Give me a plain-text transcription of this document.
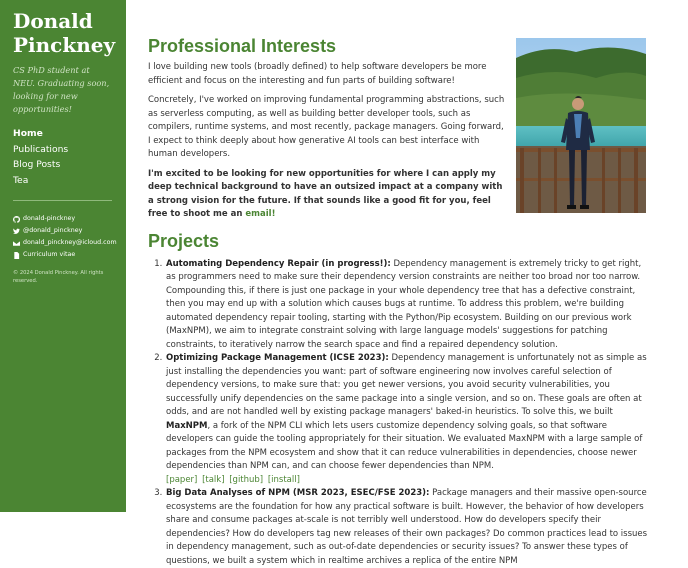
Donald
Pinckney
CS PhD student at NEU. Graduating soon, looking for new opportunities!
Home
Publications
Blog Posts
Tea
donald-pinckney
@donald_pinckney
donald_pinckney@icloud.com
Curriculum vitae
© 2024 Donald Pinckney. All rights reserved.
Professional Interests

I love building new tools (broadly defined) to help software developers be more efficient and focus on the interesting and fun parts of building software!

Concretely, I've worked on improving fundamental programming abstractions, such as serverless computing, as well as building better developer tools, such as compilers, runtime systems, and most recently, package managers. Going forward, I expect to think deeply about how generative AI tools can best interface with human developers.

I'm excited to be looking for new opportunities for where I can apply my deep technical background to have an outsized impact at a company with a strong vision for the future. If that sounds like a good fit for you, feel free to shoot me an email!

Projects
1. Automating Dependency Repair (in progress!): Dependency management is extremely tricky to get right, as programmers need to make sure their dependency version constraints are neither too broad nor too narrow. Compounding this, if there is just one package in your whole dependency tree that has a defective constraint, then you may end up with a solution which causes bugs at runtime. To address this problem, we're building automated dependency repair tooling, starting with the Python/Pip ecosystem. Building on our previous work (MaxNPM), we aim to integrate constraint solving with large language models' suggestions for patching constraints, to iteratively narrow the search space and find a repaired dependency solution.
2. Optimizing Package Management (ICSE 2023): Dependency management is unfortunately not as simple as just installing the dependencies you want: part of software engineering now involves careful selection of dependency versions, to make sure that: you get newer versions, you avoid security vulnerabilities, you successfully unify dependencies on the same package into a single version, and so on. These goals are often at odds, and are not handled well by existing package managers' baked-in heuristics. To solve this, we built MaxNPM, a fork of the NPM CLI which lets users customize dependency solving goals, so that software developers can guide the tooling appropriately for their situation. We evaluated MaxNPM with a large sample of packages from the NPM ecosystem and show that it can reduce vulnerabilities in dependencies, choose newer dependencies than NPM can, and can choose fewer dependencies than NPM.
[paper] [talk] [github] [install]
3. Big Data Analyses of NPM (MSR 2023, ESEC/FSE 2023): Package managers and their massive open-source ecosystems are the foundation for how any practical software is built. However, the behavior of how developers share and consume packages at-scale is not terribly well understood. How do developers specify their dependencies? How do developers tag new releases of their own packages? Do common practices lead to issues in dependency management, such as out-of-date dependencies or security issues? To answer these types of questions, we built a system which in realtime archives a replica of the entire NPM
